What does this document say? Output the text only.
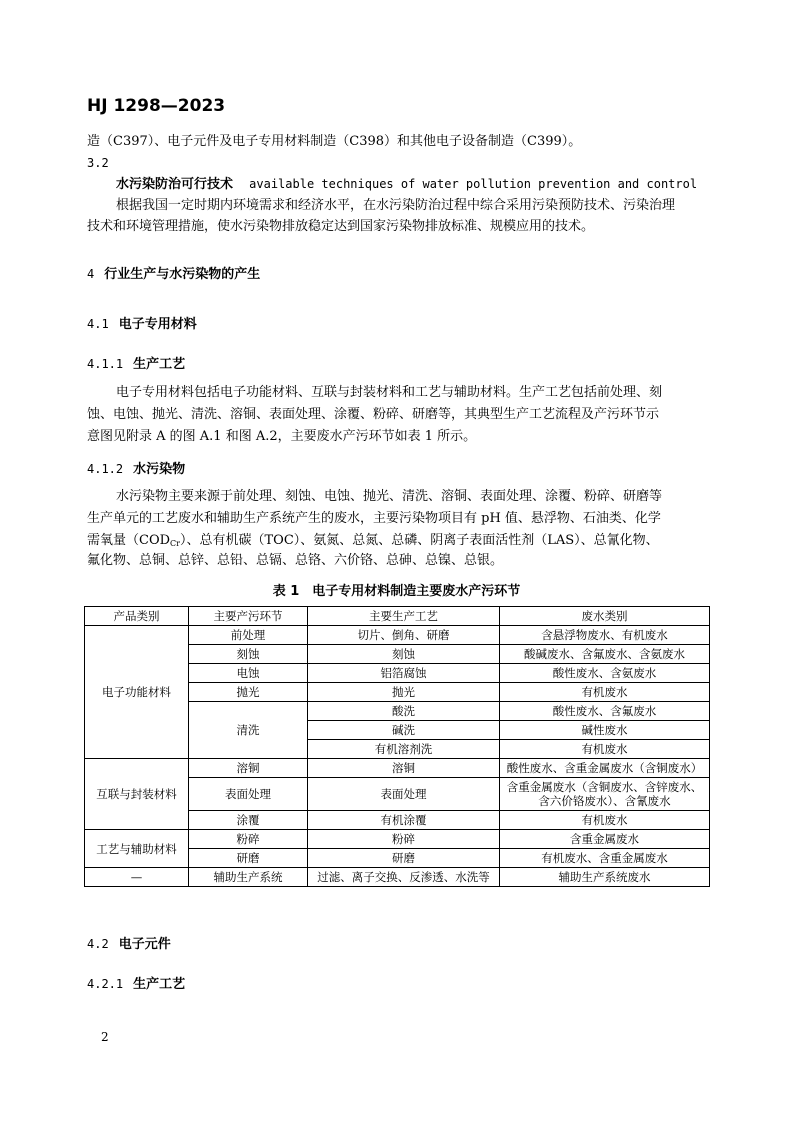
HJ 1298—2023
造（C397）、电子元件及电子专用材料制造（C398）和其他电子设备制造（C399）。
3.2
水污染防治可行技术 available techniques of water pollution prevention and control
根据我国一定时期内环境需求和经济水平，在水污染防治过程中综合采用污染预防技术、污染治理
技术和环境管理措施，使水污染物排放稳定达到国家污染物排放标准、规模应用的技术。
4 行业生产与水污染物的产生
4.1 电子专用材料
4.1.1 生产工艺
电子专用材料包括电子功能材料、互联与封装材料和工艺与辅助材料。生产工艺包括前处理、刻
蚀、电蚀、抛光、清洗、溶铜、表面处理、涂覆、粉碎、研磨等，其典型生产工艺流程及产污环节示
意图见附录 A 的图 A.1 和图 A.2，主要废水产污环节如表 1 所示。
4.1.2 水污染物
水污染物主要来源于前处理、刻蚀、电蚀、抛光、清洗、溶铜、表面处理、涂覆、粉碎、研磨等
生产单元的工艺废水和辅助生产系统产生的废水，主要污染物项目有 pH 值、悬浮物、石油类、化学
需氧量$(COD_{Cr})$、总有机碳（TOC）、氨氮、总氮、总磷、阴离子表面活性剂（LAS）、总氰化物、
氟化物、总铜、总锌、总铅、总镉、总铬、六价铬、总砷、总镍、总银。
表 1　电子专用材料制造主要废水产污环节
产品类别	主要产污环节	主要生产工艺	废水类别
电子功能材料	前处理	切片、倒角、研磨	含悬浮物废水、有机废水
	刻蚀	刻蚀	酸碱废水、含氟废水、含氨废水
	电蚀	铝箔腐蚀	酸性废水、含氨废水
	抛光	抛光	有机废水
	清洗	酸洗	酸性废水、含氟废水
		碱洗	碱性废水
		有机溶剂洗	有机废水
互联与封装材料	溶铜	溶铜	酸性废水、含重金属废水（含铜废水）
	表面处理	表面处理	含重金属废水（含铜废水、含锌废水、
含六价铬废水）、含氰废水

	涂覆	有机涂覆	有机废水
工艺与辅助材料	粉碎	粉碎	含重金属废水
	研磨	研磨	有机废水、含重金属废水
—	辅助生产系统	过滤、离子交换、反渗透、水洗等	辅助生产系统废水
4.2 电子元件
4.2.1 生产工艺
2
